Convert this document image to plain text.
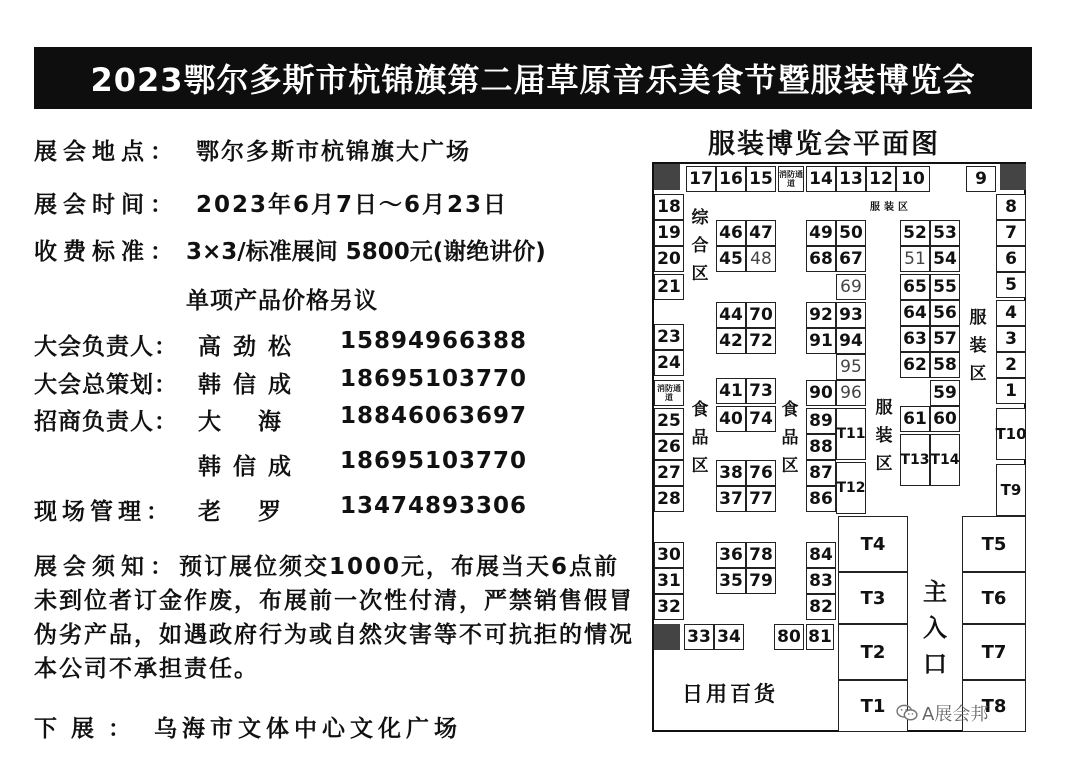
2023鄂尔多斯市杭锦旗第二届草原音乐美食节暨服装博览会
展会地点： 鄂尔多斯市杭锦旗大广场
展会时间： 2023年6月7日～6月23日
收费标准： 3×3/标准展间 5800元(谢绝讲价)
单项产品价格另议
大会负责人： 高 劲 松 15894966388
大会总策划： 韩 信 成 18695103770
招商负责人： 大　 海 18846063697
韩 信 成 18695103770
现场管理： 老　 罗 13474893306
展会须知：预订展位须交1000元，布展当天6点前未到位者订金作废，布展前一次性付清，严禁销售假冒伪劣产品，如遇政府行为或自然灾害等不可抗拒的情况本公司不承担责任。
下展： 乌海市文体中心文化广场
服装博览会平面图
17 16 15 消防通道 14 13 12 10	9
服装区
18
19
20
21
23
24
消防通道
25
26
27
28
30
31
32
33 34
综合区
食品区
46 47
45 48
44 70
42 72
41 73
40 74
38 76
37 77
36 78
35 79
80 81
食品区
49 50
68 67
69
92 93
91 94
95
90 96
89
88
87
86
84
83
82
T11
T12
服装区
52 53
51 54
65 55
64 56
63 57
62 58
59
61 60
T13 T14
服装区
8
7
6
5
4
3
2
1
T10
T9
T4
T3
T2
T1
T5
T6
T7
T8
主入口
日用百货
A展会邦
